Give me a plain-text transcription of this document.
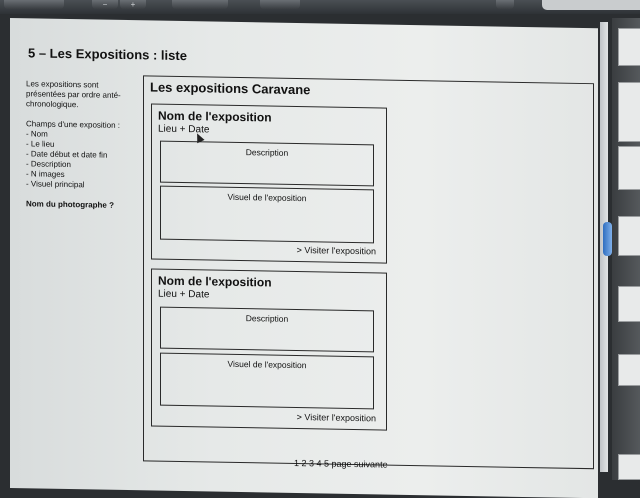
−	+
5 – Les Expositions : liste

Les expositions sont présentées par ordre anté-chronologique.

Champs d'une exposition :
- Nom
- Le lieu
- Date début et date fin
- Description
- N images
- Visuel principal
Nom du photographe ?
Les expositions Caravane
Nom de l'exposition
Lieu + Date
Description
Visuel de l'exposition
> Visiter l'exposition
Nom de l'exposition
Lieu + Date
Description
Visuel de l'exposition
> Visiter l'exposition
1 2 3 4 5 page suivante
